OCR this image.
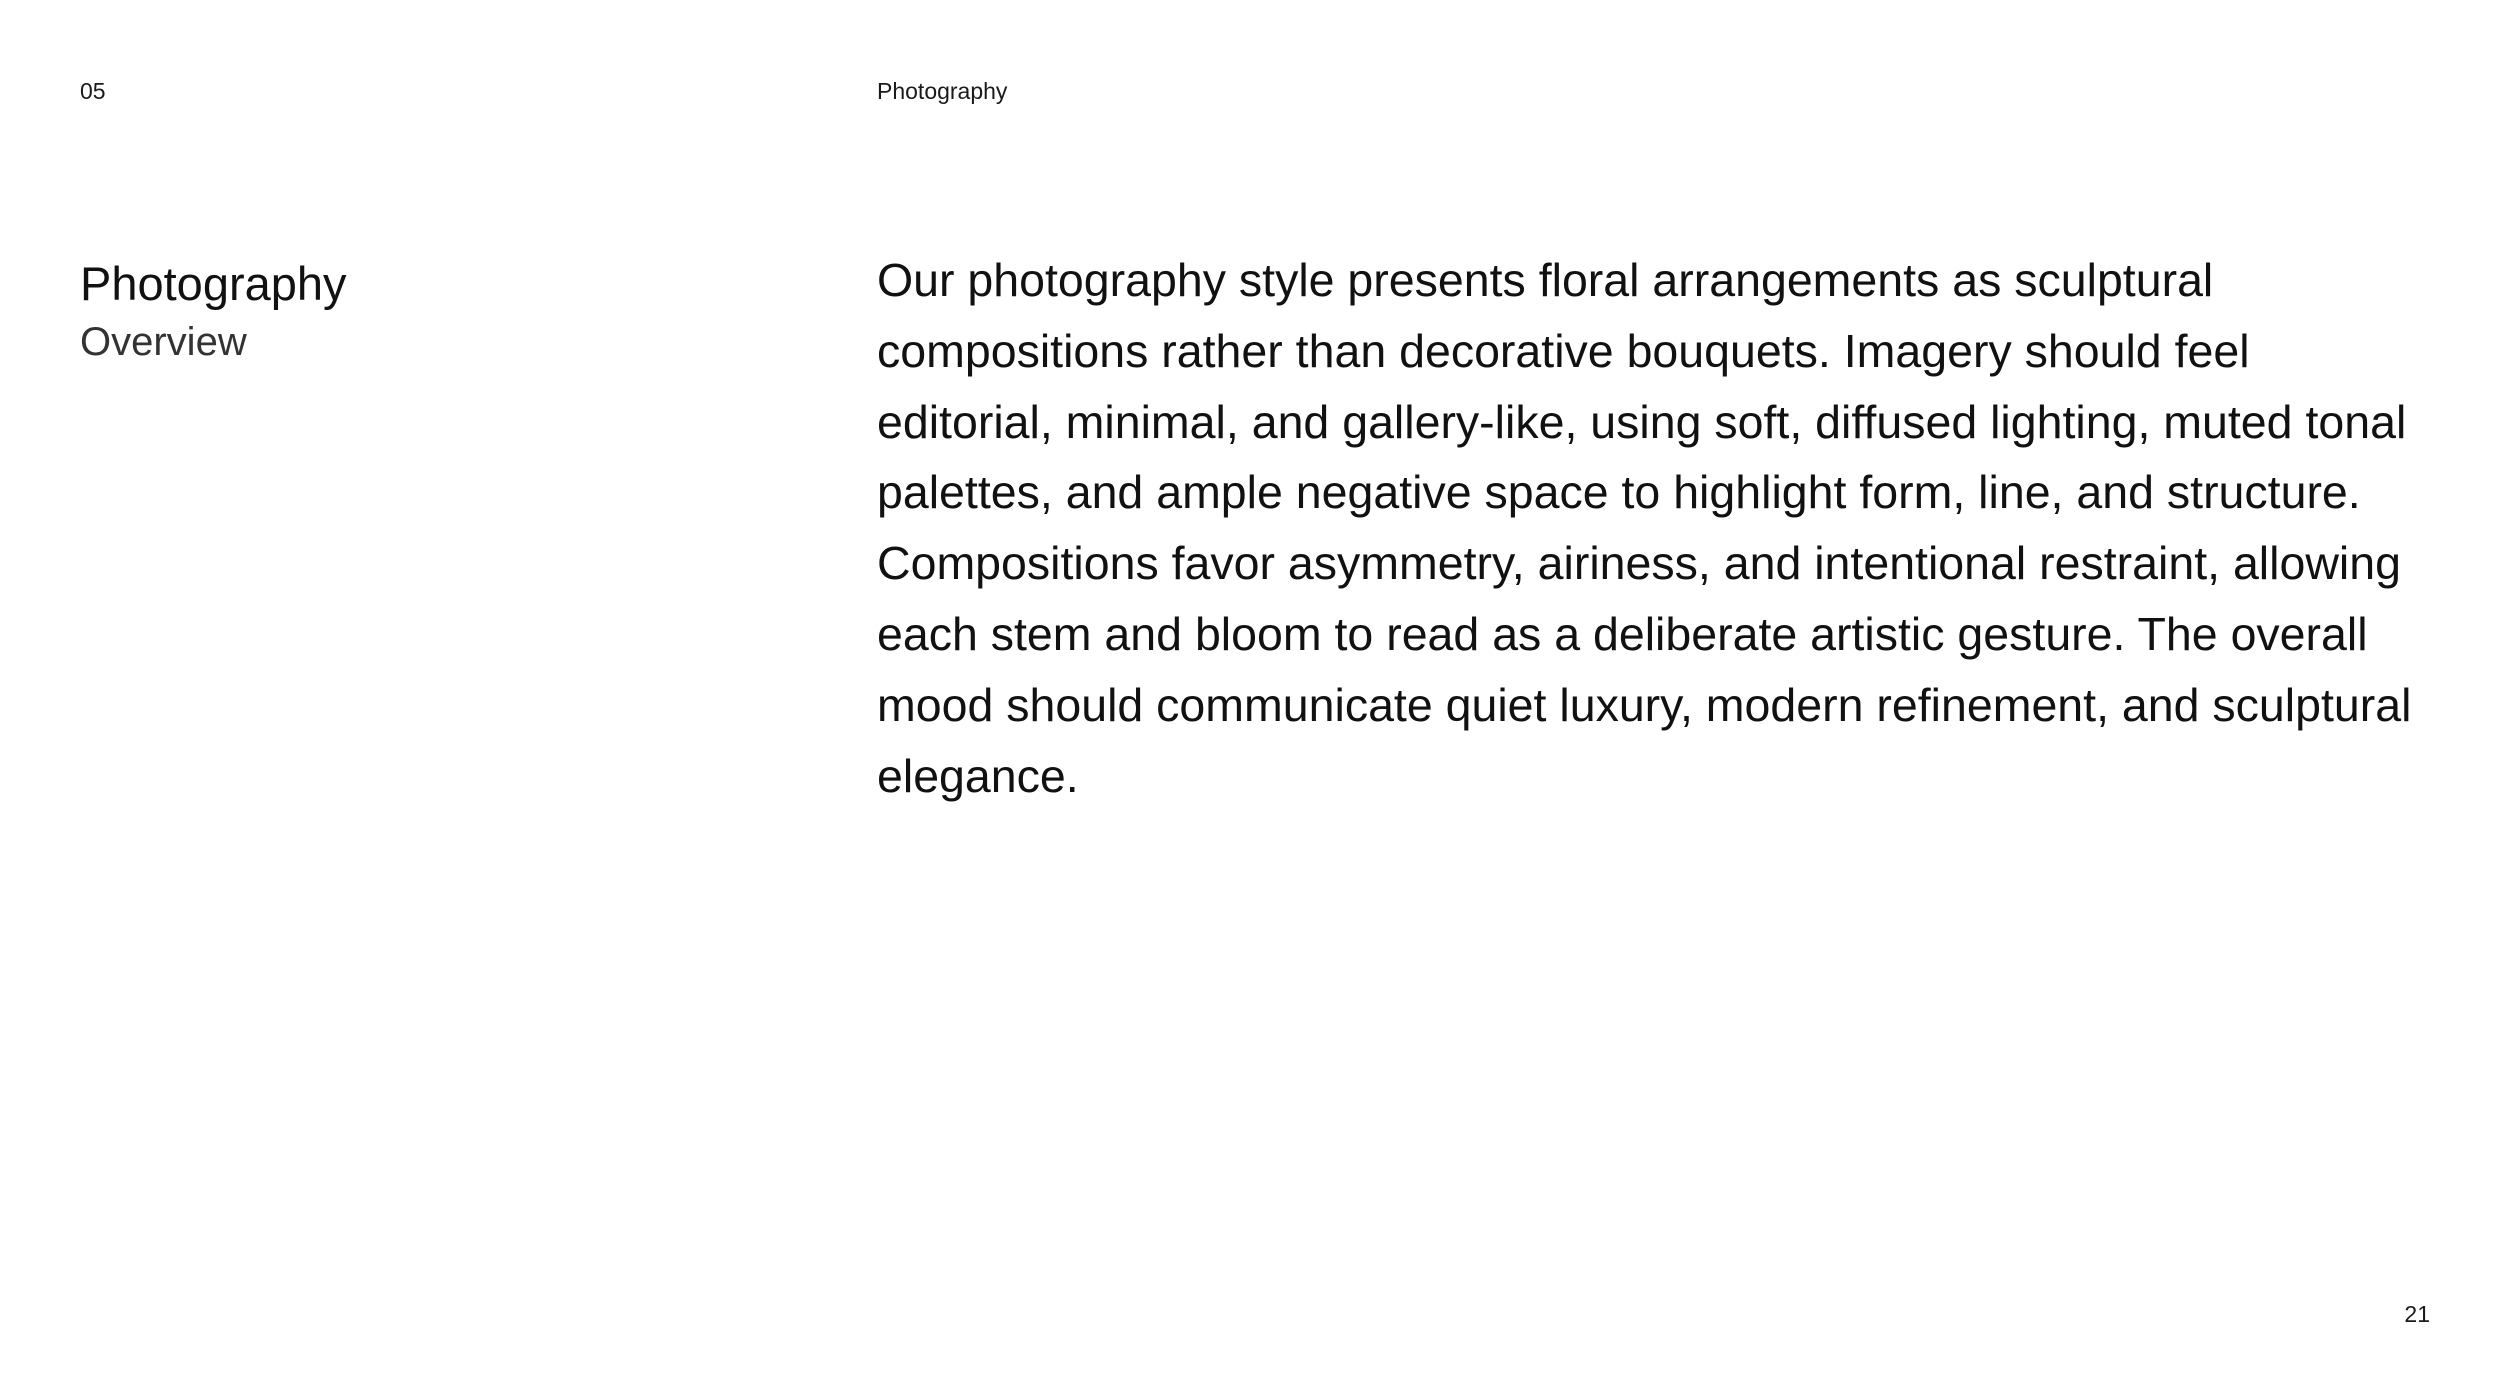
05	Photography
Photography

Overview

Our photography style presents floral arrangements as sculptural compositions rather than decorative bouquets. Imagery should feel editorial, minimal, and gallery-like, using soft, diffused lighting, muted tonal palettes, and ample negative space to highlight form, line, and structure. Compositions favor asymmetry, airiness, and intentional restraint, allowing each stem and bloom to read as a deliberate artistic gesture. The overall mood should communicate quiet luxury, modern refinement, and sculptural elegance.

21
